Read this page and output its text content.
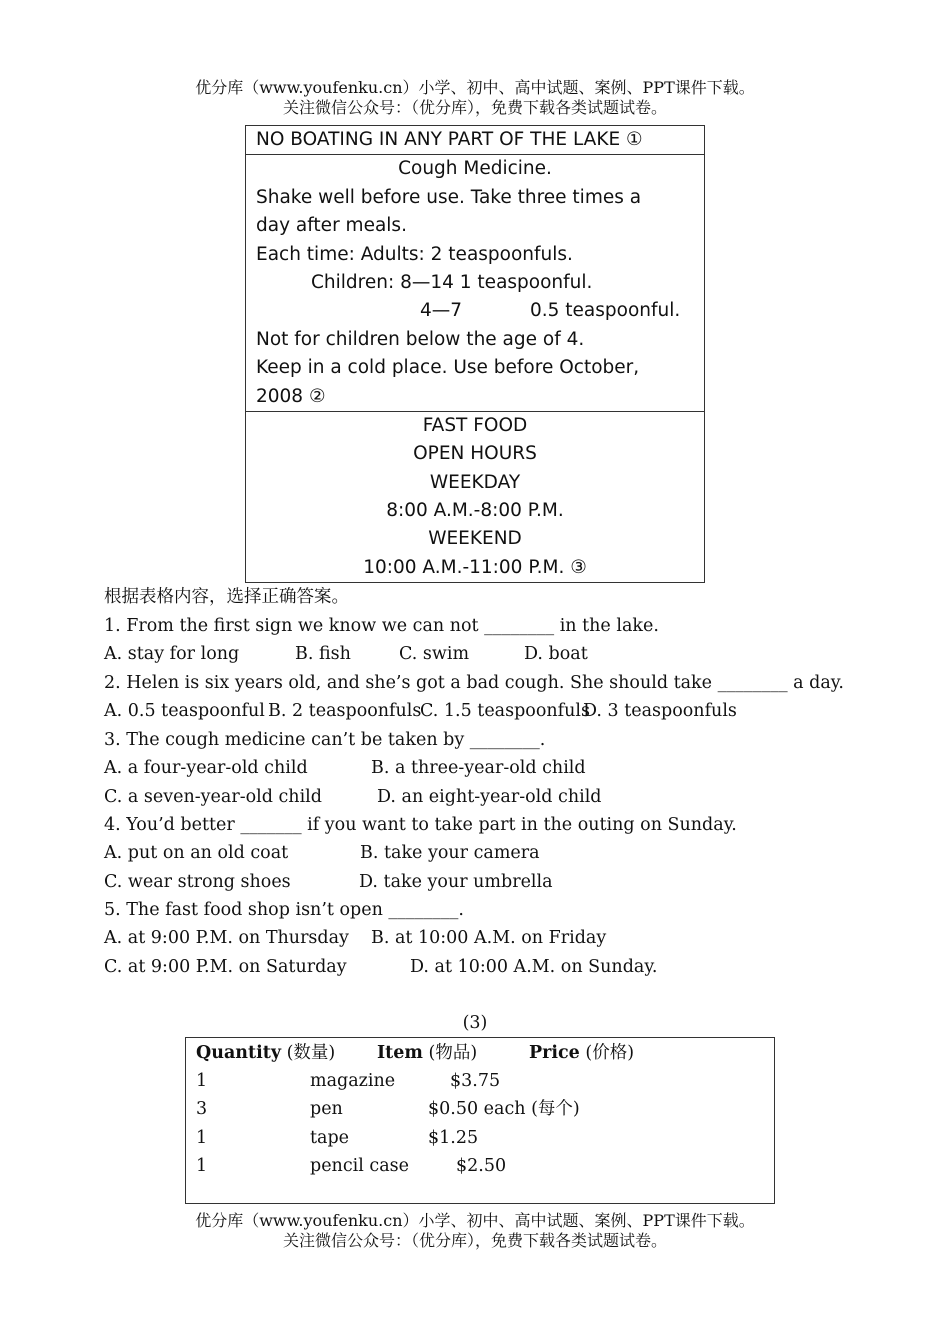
优分库（www.youfenku.cn）小学、初中、高中试题、案例、PPT课件下载。
关注微信公众号：（优分库），免费下载各类试题试卷。
NO BOATING IN ANY PART OF THE LAKE ①
Cough Medicine.
Shake well before use. Take three times a
day after meals.
Each time: Adults: 2 teaspoonfuls.
Children: 8—14 1 teaspoonful.
4—7	0.5 teaspoonful.
Not for children below the age of 4.
Keep in a cold place. Use before October,
2008 ②
FAST FOOD
OPEN HOURS
WEEKDAY
8:00 A.M.-8:00 P.M.
WEEKEND
10:00 A.M.-11:00 P.M. ③
根据表格内容，选择正确答案。
1. From the first sign we know we can not ________ in the lake.
A. stay for long	B. fish	C. swim	D. boat
2. Helen is six years old, and she’s got a bad cough. She should take ________ a day.
A. 0.5 teaspoonful B. 2 teaspoonfuls
C. 1.5 teaspoonfuls
D. 3 teaspoonfuls
3. The cough medicine can’t be taken by ________.
A. a four-year-old child	B. a three-year-old child
C. a seven-year-old child	D. an eight-year-old child
4. You’d better _______ if you want to take part in the outing on Sunday.
A. put on an old coat	B. take your camera
C. wear strong shoes	D. take your umbrella
5. The fast food shop isn’t open ________.
A. at 9:00 P.M. on Thursday B. at 10:00 A.M. on Friday
C. at 9:00 P.M. on Saturday	D. at 10:00 A.M. on Sunday.
(3)
Quantity (数量) Item (物品)	Price (价格)
1	magazine	$3.75
3	pen	$0.50 each (每个)
1	tape	$1.25
1	pencil case	$2.50
优分库（www.youfenku.cn）小学、初中、高中试题、案例、PPT课件下载。
关注微信公众号：（优分库），免费下载各类试题试卷。
